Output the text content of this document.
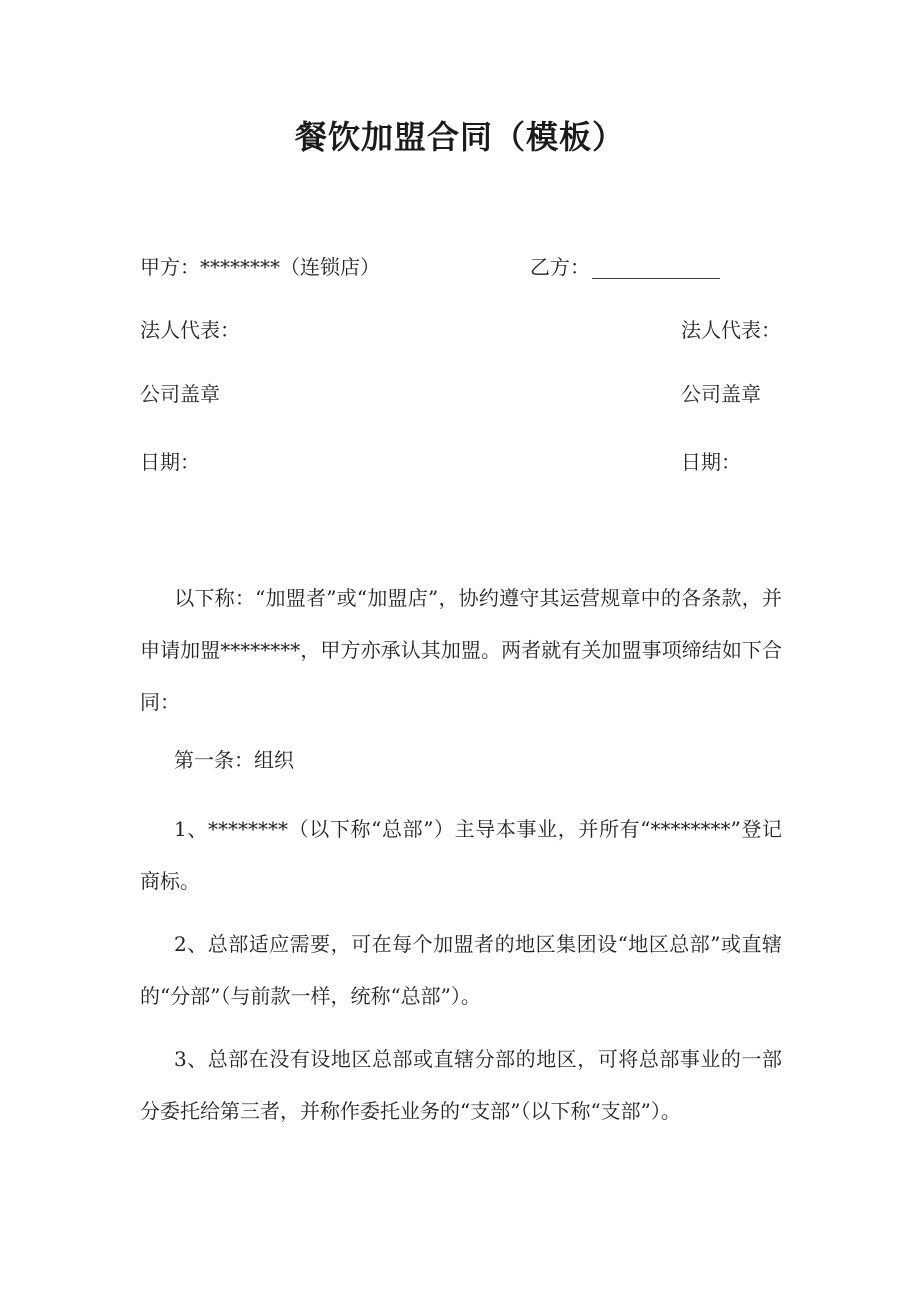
餐饮加盟合同（模板）
甲方：********（连锁店）	乙方：
法人代表：	法人代表：
公司盖章	公司盖章
日期：	日期：
以下称：“加盟者”或“加盟店”，协约遵守其运营规章中的各条款，并申请加盟********，甲方亦承认其加盟。两者就有关加盟事项缔结如下合同：
第一条：组织
1、********（以下称“总部”）主导本事业，并所有“********”登记商标。
2、总部适应需要，可在每个加盟者的地区集团设“地区总部”或直辖的“分部”（与前款一样，统称“总部”）。
3、总部在没有设地区总部或直辖分部的地区，可将总部事业的一部分委托给第三者，并称作委托业务的“支部”（以下称“支部”）。
